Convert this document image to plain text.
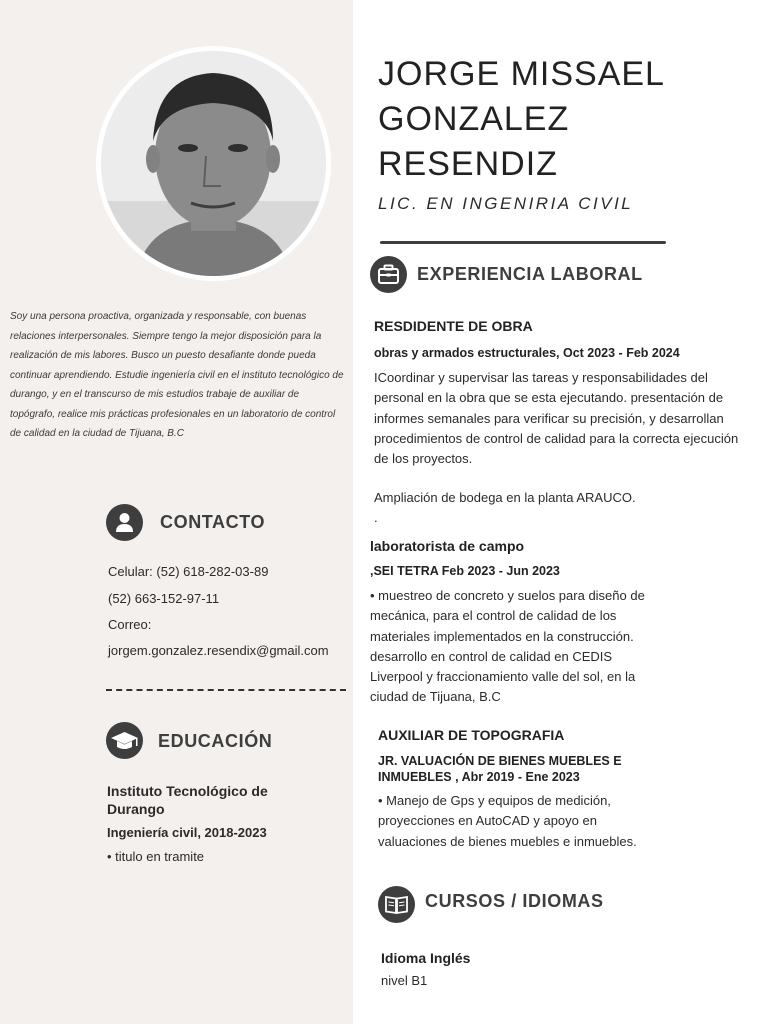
Soy una persona proactiva, organizada y responsable, con buenas relaciones interpersonales. Siempre tengo la mejor disposición para la realización de mis labores. Busco un puesto desafiante donde pueda continuar aprendiendo. Estudie ingeniería civil en el instituto tecnológico de durango, y en el transcurso de mis estudios trabaje de auxiliar de topógrafo, realice mis prácticas profesionales en un laboratorio de control de calidad en la ciudad de Tijuana, B.C

CONTACTO
Celular: (52) 618-282-03-89
(52) 663-152-97-11
Correo:
jorgem.gonzalez.resendix@gmail.com
EDUCACIÓN
Instituto Tecnológico de Durango
Ingeniería civil, 2018-2023
• titulo en tramite
JORGE MISSAEL GONZALEZ RESENDIZ
LIC. EN INGENIRIA CIVIL
EXPERIENCIA LABORAL
RESDIDENTE DE OBRA
obras y armados estructurales, Oct 2023 - Feb 2024
ICoordinar y supervisar las tareas y responsabilidades del personal en la obra que se esta ejecutando. presentación de informes semanales para verificar su precisión, y desarrollan procedimientos de control de calidad para la correcta ejecución de los proyectos.
Ampliación de bodega en la planta ARAUCO.
.
laboratorista de campo
,SEI TETRA Feb 2023 - Jun 2023
• muestreo de concreto y suelos para diseño de mecánica, para el control de calidad de los materiales implementados en la construcción. desarrollo en control de calidad en CEDIS Liverpool y fraccionamiento valle del sol, en la ciudad de Tijuana, B.C
AUXILIAR DE TOPOGRAFIA
JR. VALUACIÓN DE BIENES MUEBLES E INMUEBLES , Abr 2019 - Ene 2023
• Manejo de Gps y equipos de medición, proyecciones en AutoCAD y apoyo en valuaciones de bienes muebles e inmuebles.
CURSOS / IDIOMAS
Idioma Inglés
nivel B1
